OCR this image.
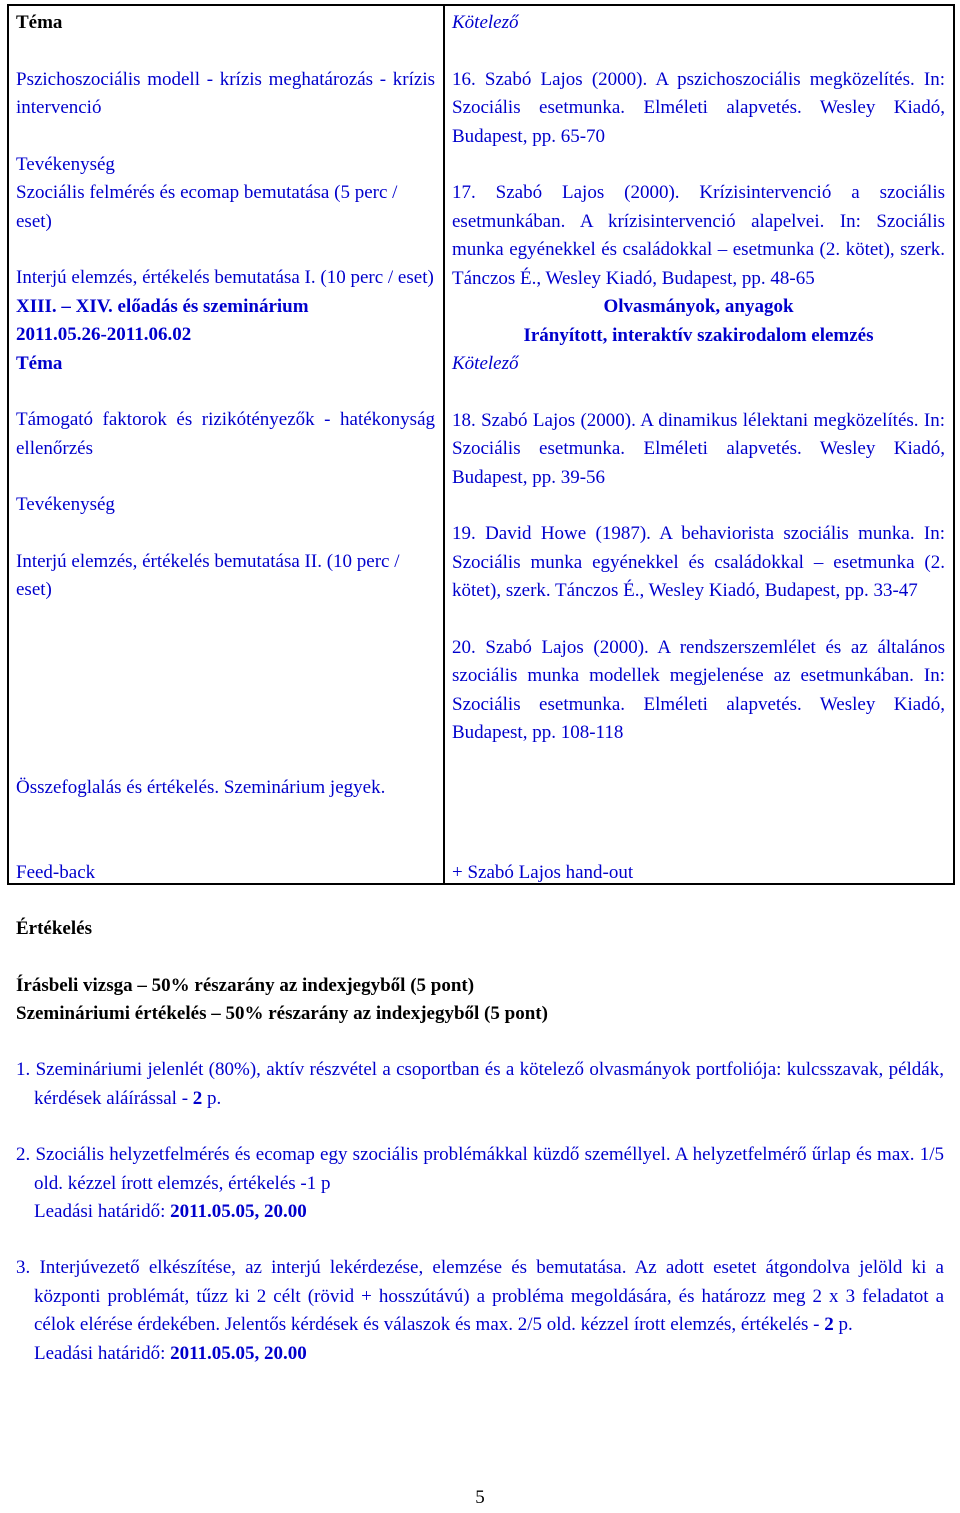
Téma

Pszichoszociális modell - krízis meghatározás - krízis intervenció

Tevékenység

Szociális felmérés és ecomap bemutatása (5 perc / eset)

Interjú elemzés, értékelés bemutatása I. (10 perc / eset)

XIII. – XIV. előadás és szeminárium

2011.05.26-2011.06.02

Téma

Támogató faktorok és rizikótényezők - hatékonyság ellenőrzés

Tevékenység

Interjú elemzés, értékelés bemutatása II. (10 perc / eset)

Összefoglalás és értékelés. Szeminárium jegyek.

Feed-back

Kötelező

16. Szabó Lajos (2000). A pszichoszociális megközelítés. In: Szociális esetmunka. Elméleti alapvetés. Wesley Kiadó, Budapest, pp. 65-70

17. Szabó Lajos (2000). Krízisintervenció a szociális esetmunkában. A krízisintervenció alapelvei. In: Szociális munka egyénekkel és családokkal – esetmunka (2. kötet), szerk. Tánczos É., Wesley Kiadó, Budapest, pp. 48-65

Olvasmányok, anyagok

Irányított, interaktív szakirodalom elemzés

Kötelező

18. Szabó Lajos (2000). A dinamikus lélektani megközelítés. In: Szociális esetmunka. Elméleti alapvetés. Wesley Kiadó, Budapest, pp. 39-56

19. David Howe (1987). A behaviorista szociális munka. In: Szociális munka egyénekkel és családokkal – esetmunka (2. kötet), szerk. Tánczos É., Wesley Kiadó, Budapest, pp. 33-47

20. Szabó Lajos (2000). A rendszerszemlélet és az általános szociális munka modellek megjelenése az esetmunkában. In: Szociális esetmunka. Elméleti alapvetés. Wesley Kiadó, Budapest, pp. 108-118

+ Szabó Lajos hand-out

Értékelés

Írásbeli vizsga – 50% részarány az indexjegyből (5 pont)

Szemináriumi értékelés – 50% részarány az indexjegyből (5 pont)

1. Szemináriumi jelenlét (80%), aktív részvétel a csoportban és a kötelező olvasmányok portfoliója: kulcsszavak, példák, kérdések aláírással - 2 p.

2. Szociális helyzetfelmérés és ecomap egy szociális problémákkal küzdő személlyel. A helyzetfelmérő űrlap és max. 1/5 old. kézzel írott elemzés, értékelés -1 p

Leadási határidő: 2011.05.05, 20.00

3. Interjúvezető elkészítése, az interjú lekérdezése, elemzése és bemutatása. Az adott esetet átgondolva jelöld ki a központi problémát, tűzz ki 2 célt (rövid + hosszútávú) a probléma megoldására, és határozz meg 2 x 3 feladatot a célok elérése érdekében. Jelentős kérdések és válaszok és max. 2/5 old. kézzel írott elemzés, értékelés - 2 p.

Leadási határidő: 2011.05.05, 20.00

5
